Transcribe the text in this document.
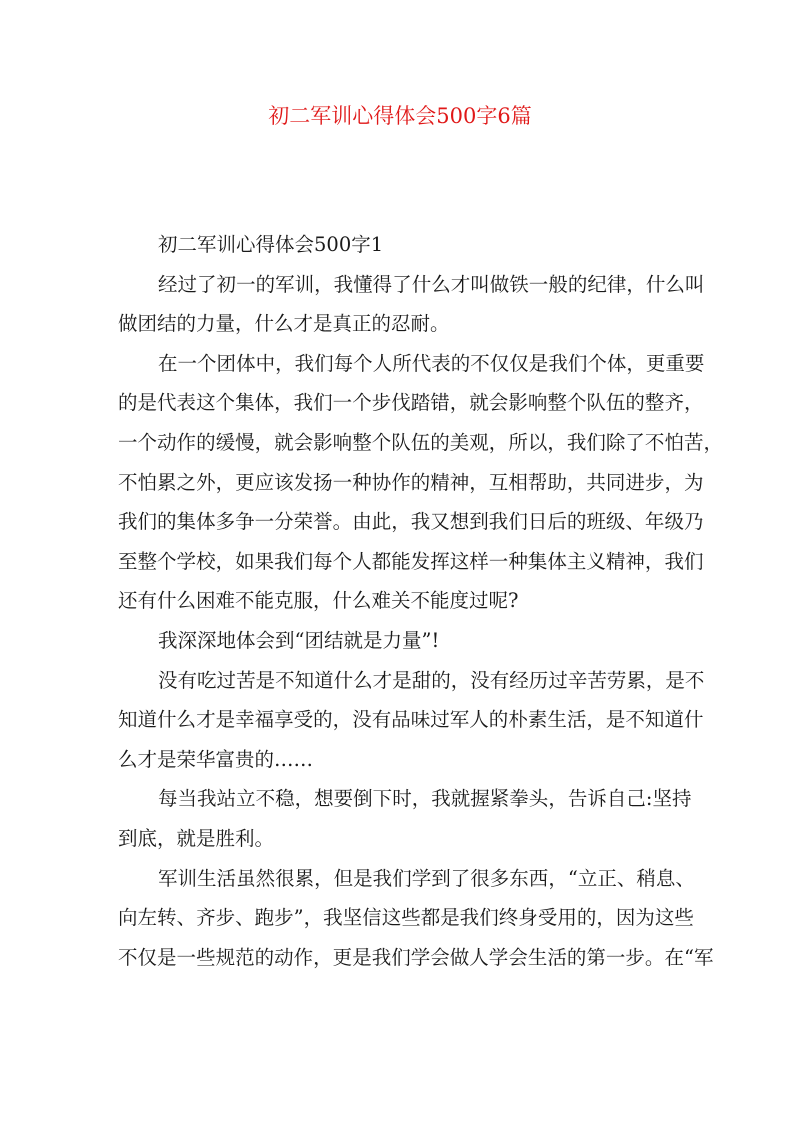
初二军训心得体会500字6篇
初二军训心得体会500字1
经 过 了 初 一 的 军 训 ， 我 懂 得 了 什 么 才 叫 做 铁 一 般 的 纪 律 ， 什 么 叫
做团结的力量，什么才是真正的忍耐。
在 一 个 团 体 中 ， 我 们 每 个 人 所 代 表 的 不 仅 仅 是 我 们 个 体 ， 更 重 要
的 是 代 表 这 个 集 体 ， 我 们 一 个 步 伐 踏 错 ， 就 会 影 响 整 个 队 伍 的 整 齐 ，
一 个 动 作 的 缓 慢 ， 就 会 影 响 整 个 队 伍 的 美 观 ， 所 以 ， 我 们 除 了 不 怕 苦 ，
不 怕 累 之 外 ， 更 应 该 发 扬 一 种 协 作 的 精 神 ， 互 相 帮 助 ， 共 同 进 步 ， 为
我 们 的 集 体 多 争 一 分 荣 誉 。 由 此 ， 我 又 想 到 我 们 日 后 的 班 级 、 年 级 乃
至 整 个 学 校 ， 如 果 我 们 每 个 人 都 能 发 挥 这 样 一 种 集 体 主 义 精 神 ， 我 们
还有什么困难不能克服，什么难关不能度过呢?
我深深地体会到“团结就是力量”!
没 有 吃 过 苦 是 不 知 道 什 么 才 是 甜 的 ， 没 有 经 历 过 辛 苦 劳 累 ， 是 不
知 道 什 么 才 是 幸 福 享 受 的 ， 没 有 品 味 过 军 人 的 朴 素 生 活 ， 是 不 知 道 什
么才是荣华富贵的……
每 当 我 站 立 不 稳 ， 想 要 倒 下 时 ， 我 就 握 紧 拳 头 ， 告 诉 自 己 : 坚 持
到底，就是胜利。
军 训 生 活 虽 然 很 累 ， 但 是 我 们 学 到 了 很 多 东 西 ， “ 立 正 、 稍 息 、
向 左 转 、 齐 步 、 跑 步 ” ， 我 坚 信 这 些 都 是 我 们 终 身 受 用 的 ， 因 为 这 些
不 仅 是 一 些 规 范 的 动 作 ， 更 是 我 们 学 会 做 人 学 会 生 活 的 第 一 步 。 在 “ 军
